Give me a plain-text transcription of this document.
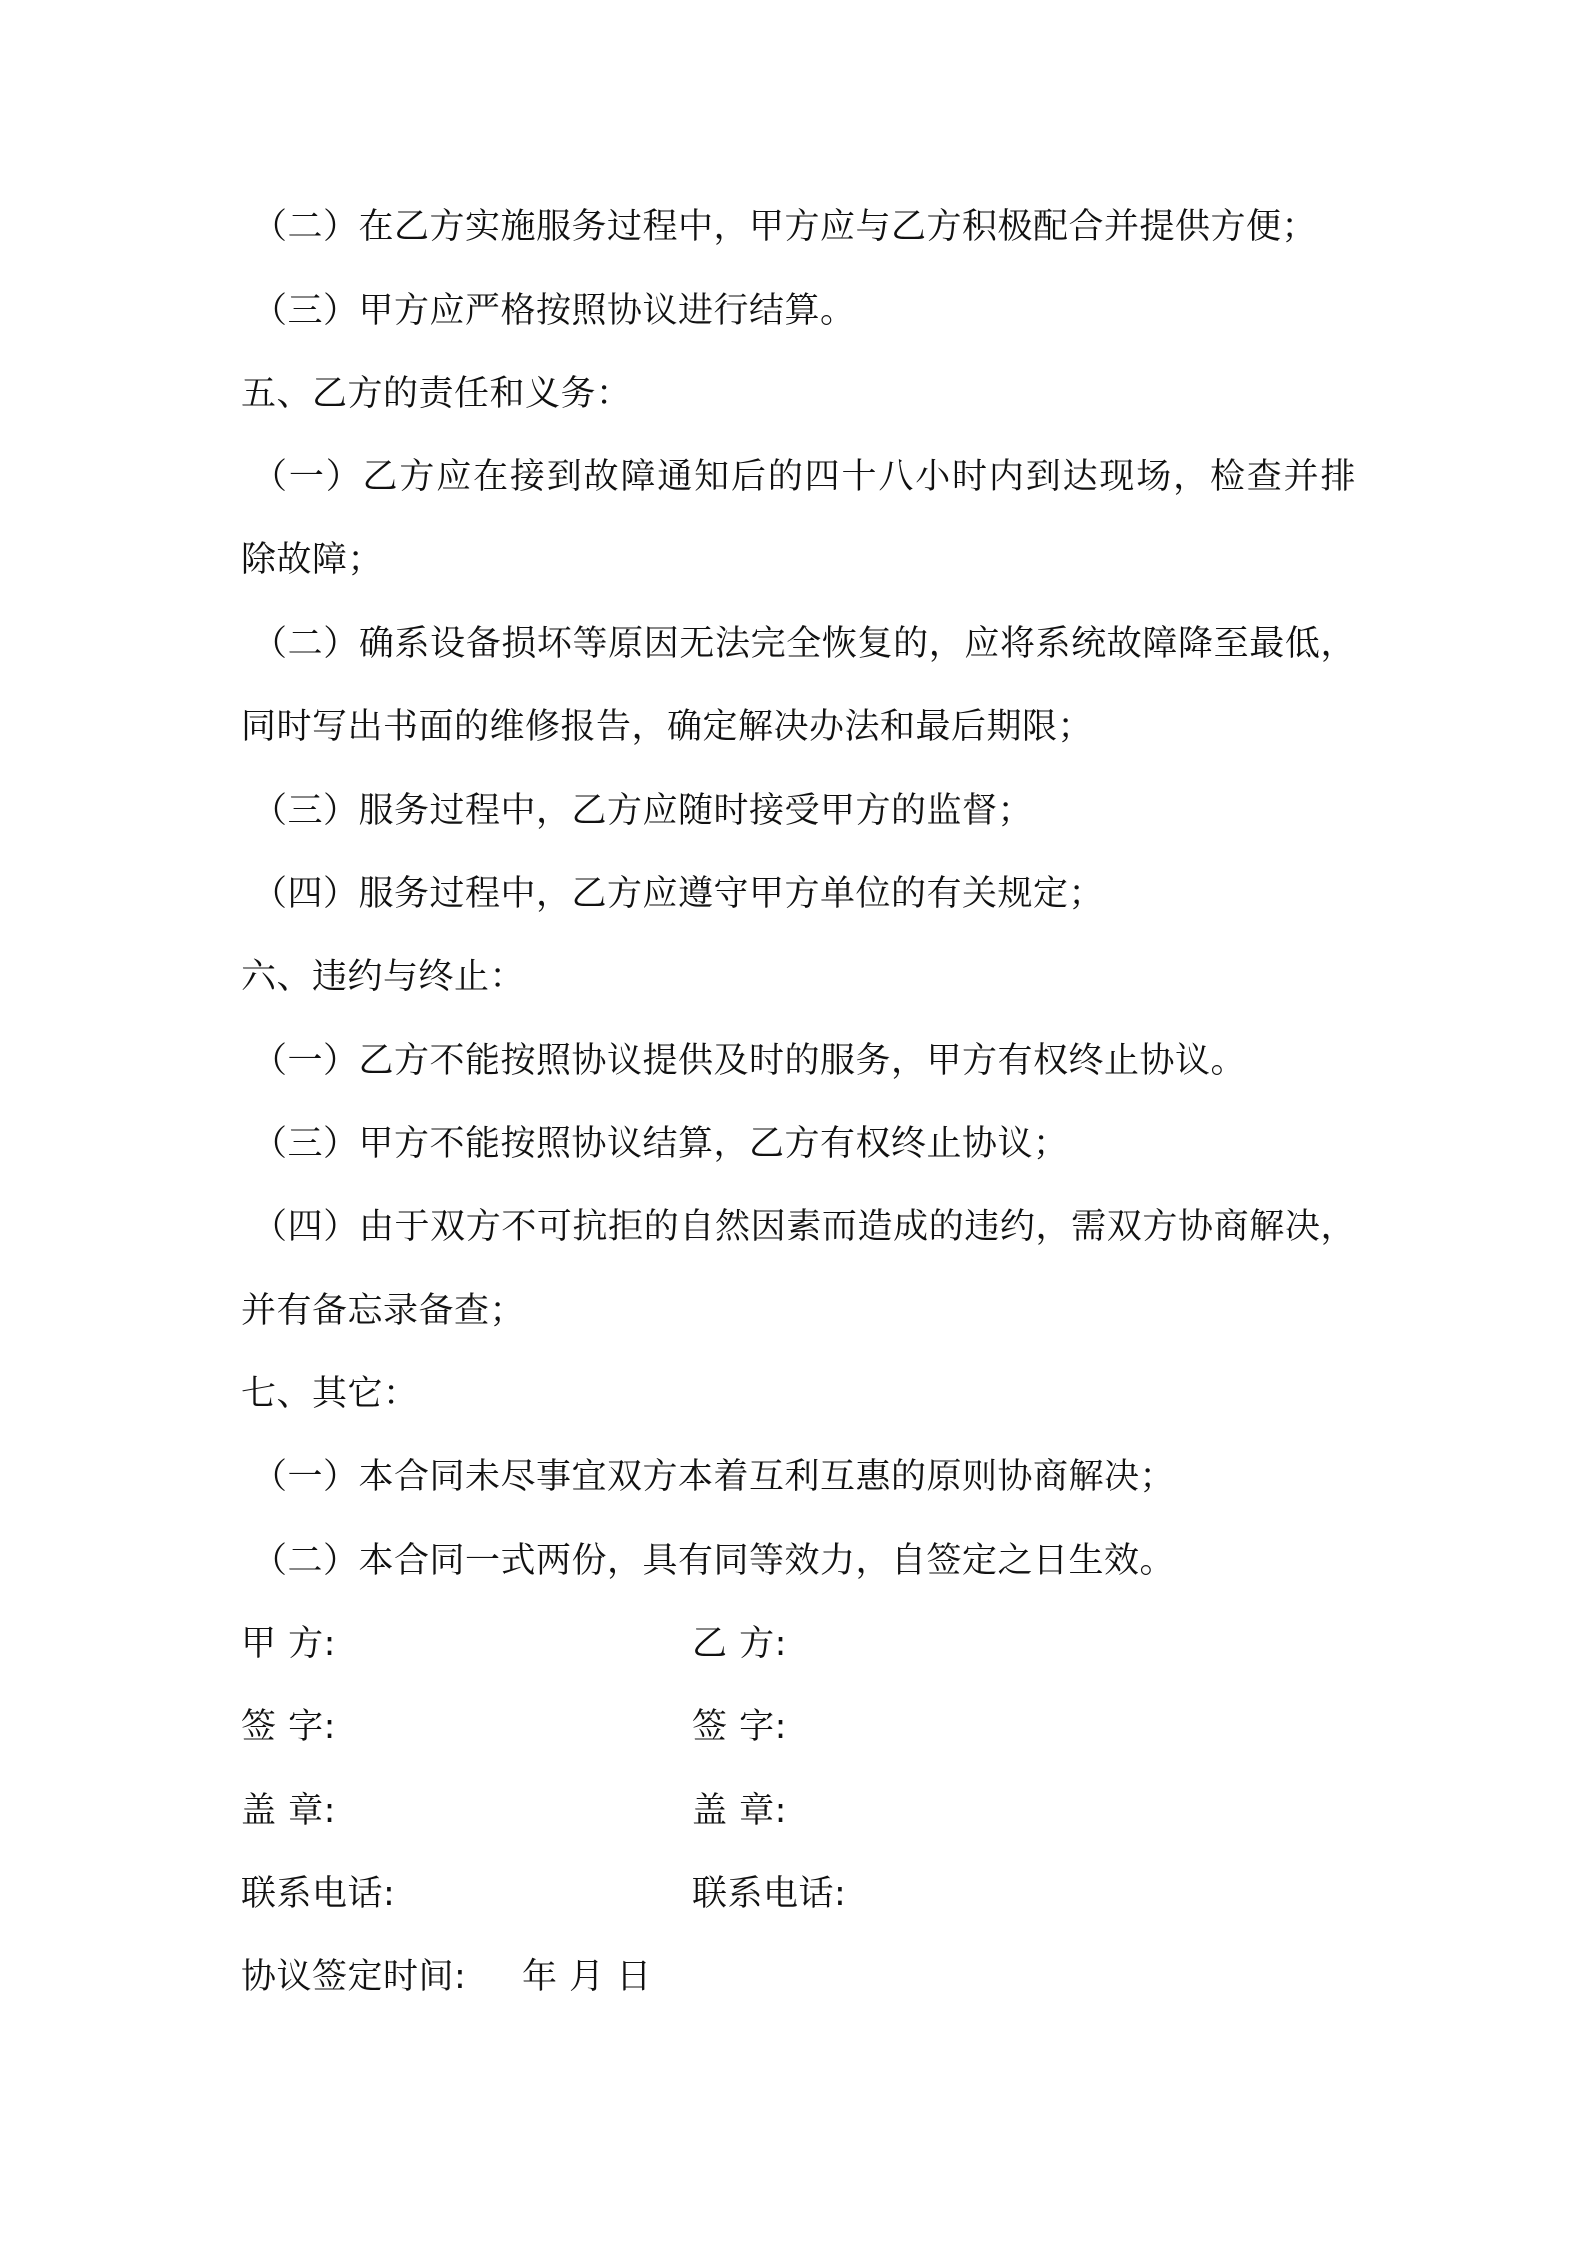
（二）在乙方实施服务过程中，甲方应与乙方积极配合并提供方便；
（三）甲方应严格按照协议进行结算。
五、乙方的责任和义务：
（一）乙方应在接到故障通知后的四十八小时内到达现场，检查并排
除故障；
（二）确系设备损坏等原因无法完全恢复的，应将系统故障降至最低，
同时写出书面的维修报告，确定解决办法和最后期限；
（三）服务过程中，乙方应随时接受甲方的监督；
（四）服务过程中，乙方应遵守甲方单位的有关规定；
六、违约与终止：
（一）乙方不能按照协议提供及时的服务，甲方有权终止协议。
（三）甲方不能按照协议结算，乙方有权终止协议；
（四）由于双方不可抗拒的自然因素而造成的违约，需双方协商解决，
并有备忘录备查；
七、其它：
（一）本合同未尽事宜双方本着互利互惠的原则协商解决；
（二）本合同一式两份，具有同等效力，自签定之日生效。
甲 方:	乙 方:
签 字:	签 字:
盖 章:	盖 章:
联系电话:	联系电话:
协议签定时间: 年 月 日
